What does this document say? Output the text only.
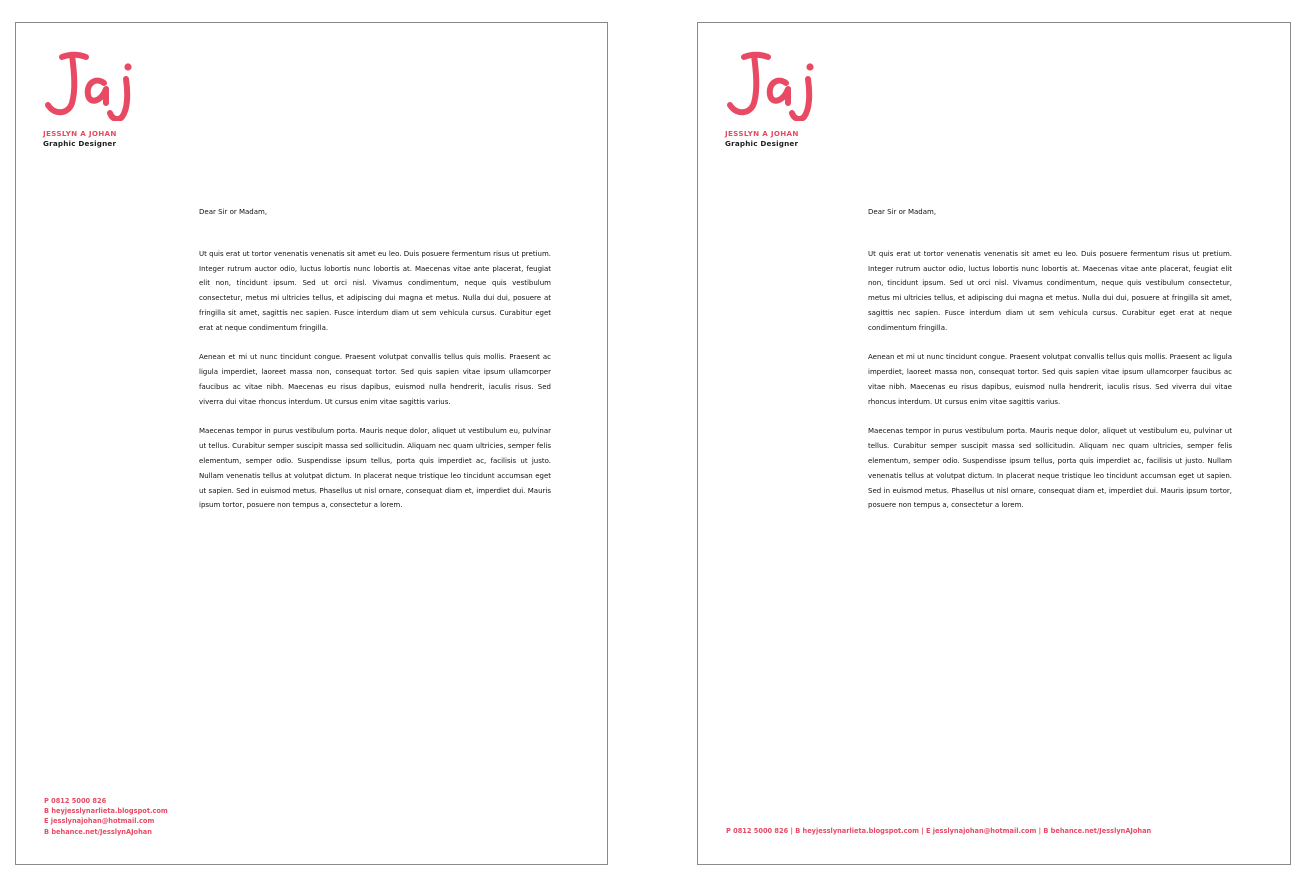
JESSLYN A JOHAN
Graphic Designer

Dear Sir or Madam,

Ut quis erat ut tortor venenatis venenatis sit amet eu leo. Duis posuere fermentum risus ut pretium. Integer rutrum auctor odio, luctus lobortis nunc lobortis at. Maecenas vitae ante placerat, feugiat elit non, tincidunt ipsum. Sed ut orci nisl. Vivamus condimentum, neque quis vestibulum consectetur, metus mi ultricies tellus, et adipiscing dui magna et metus. Nulla dui dui, posuere at fringilla sit amet, sagittis nec sapien. Fusce interdum diam ut sem vehicula cursus. Curabitur eget erat at neque condimentum fringilla.

Aenean et mi ut nunc tincidunt congue. Praesent volutpat convallis tellus quis mollis. Praesent ac ligula imperdiet, laoreet massa non, consequat tortor. Sed quis sapien vitae ipsum ullamcorper faucibus ac vitae nibh. Maecenas eu risus dapibus, euismod nulla hendrerit, iaculis risus. Sed viverra dui vitae rhoncus interdum. Ut cursus enim vitae sagittis varius.

Maecenas tempor in purus vestibulum porta. Mauris neque dolor, aliquet ut vestibulum eu, pulvinar ut tellus. Curabitur semper suscipit massa sed sollicitudin. Aliquam nec quam ultricies, semper felis elementum, semper odio. Suspendisse ipsum tellus, porta quis imperdiet ac, facilisis ut justo. Nullam venenatis tellus at volutpat dictum. In placerat neque tristique leo tincidunt accumsan eget ut sapien. Sed in euismod metus. Phasellus ut nisl ornare, consequat diam et, imperdiet dui. Mauris ipsum tortor, posuere non tempus a, consectetur a lorem.

P 0812 5000 826
B heyjesslynarlieta.blogspot.com
E jesslynajohan@hotmail.com
B behance.net/JesslynAJohan
JESSLYN A JOHAN
Graphic Designer

Dear Sir or Madam,

Ut quis erat ut tortor venenatis venenatis sit amet eu leo. Duis posuere fermentum risus ut pretium. Integer rutrum auctor odio, luctus lobortis nunc lobortis at. Maecenas vitae ante placerat, feugiat elit non, tincidunt ipsum. Sed ut orci nisl. Vivamus condimentum, neque quis vestibulum consectetur, metus mi ultricies tellus, et adipiscing dui magna et metus. Nulla dui dui, posuere at fringilla sit amet, sagittis nec sapien. Fusce interdum diam ut sem vehicula cursus. Curabitur eget erat at neque condimentum fringilla.

Aenean et mi ut nunc tincidunt congue. Praesent volutpat convallis tellus quis mollis. Praesent ac ligula imperdiet, laoreet massa non, consequat tortor. Sed quis sapien vitae ipsum ullamcorper faucibus ac vitae nibh. Maecenas eu risus dapibus, euismod nulla hendrerit, iaculis risus. Sed viverra dui vitae rhoncus interdum. Ut cursus enim vitae sagittis varius.

Maecenas tempor in purus vestibulum porta. Mauris neque dolor, aliquet ut vestibulum eu, pulvinar ut tellus. Curabitur semper suscipit massa sed sollicitudin. Aliquam nec quam ultricies, semper felis elementum, semper odio. Suspendisse ipsum tellus, porta quis imperdiet ac, facilisis ut justo. Nullam venenatis tellus at volutpat dictum. In placerat neque tristique leo tincidunt accumsan eget ut sapien. Sed in euismod metus. Phasellus ut nisl ornare, consequat diam et, imperdiet dui. Mauris ipsum tortor, posuere non tempus a, consectetur a lorem.

P 0812 5000 826 | B heyjesslynarlieta.blogspot.com | E jesslynajohan@hotmail.com | B behance.net/JesslynAJohan
